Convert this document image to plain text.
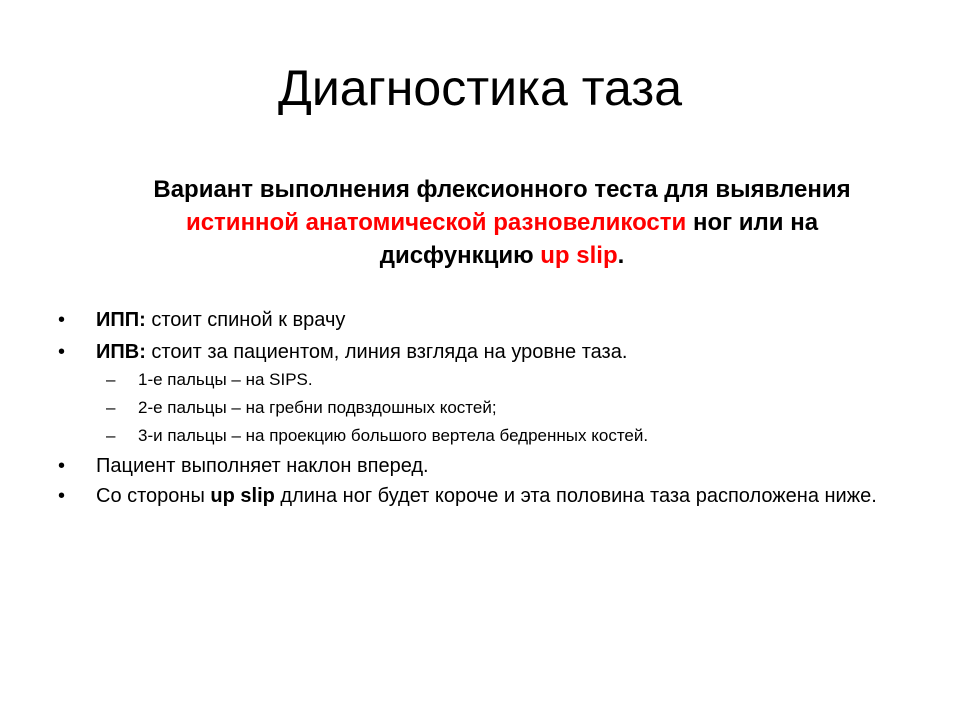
Диагностика таза
Вариант выполнения флексионного теста для выявления истинной анатомической разновеликости ног или на дисфункцию up slip.
• ИПП: стоит спиной к врачу
• ИПВ: стоит за пациентом, линия взгляда на уровне таза.
– 1-е пальцы – на SIPS.
– 2-е пальцы – на гребни подвздошных костей;
– 3-и пальцы – на проекцию большого вертела бедренных костей.
• Пациент выполняет наклон вперед.
• Со стороны up slip длина ног будет короче и эта половина таза расположена ниже.
